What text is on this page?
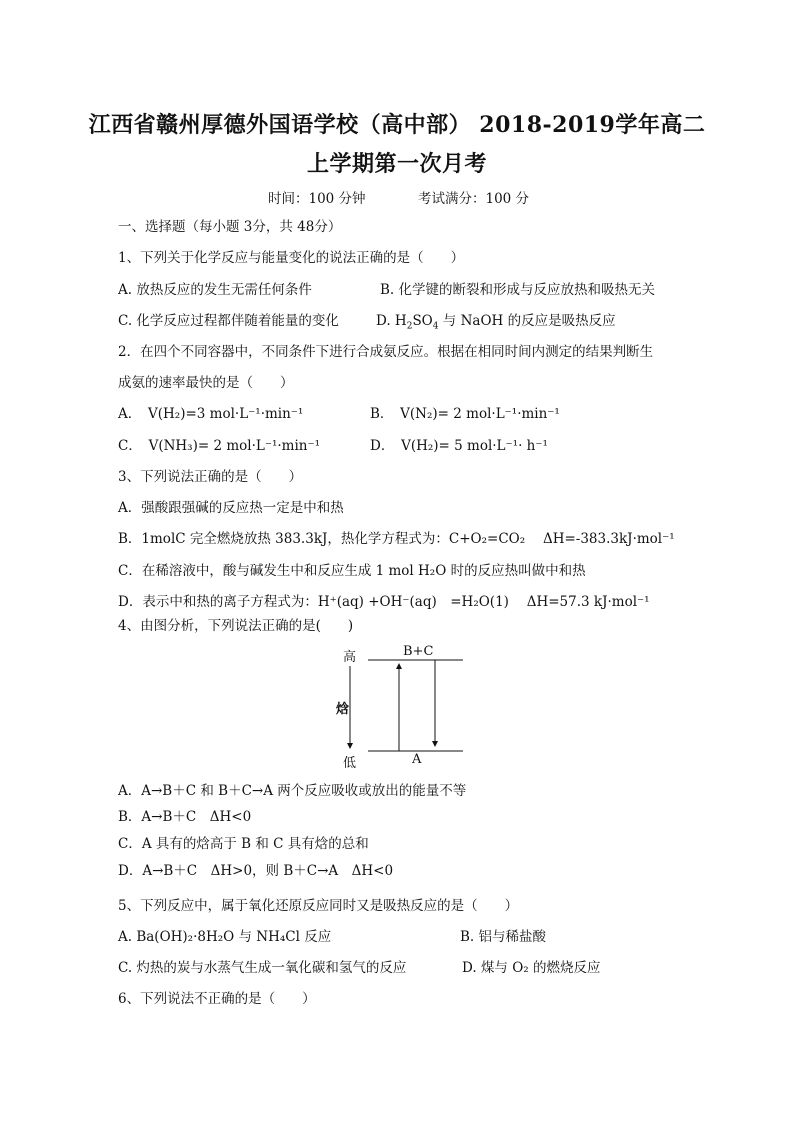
江西省赣州厚德外国语学校（高中部） 2018-2019学年高二
上学期第一次月考
时间：100 分钟	考试满分：100 分
一、选择题（每小题 3分，共 48分）
1、下列关于化学反应与能量变化的说法正确的是（　　）
A. 放热反应的发生无需任何条件	B. 化学键的断裂和形成与反应放热和吸热无关
C. 化学反应过程都伴随着能量的变化	D. $H_2SO_4$ 与 NaOH 的反应是吸热反应
2．在四个不同容器中，不同条件下进行合成氨反应。根据在相同时间内测定的结果判断生
成氨的速率最快的是（　　）
A．　V(H₂)=3 mol·L⁻¹·min⁻¹	B．　V(N₂)= 2 mol·L⁻¹·min⁻¹
C．　V(NH₃)= 2 mol·L⁻¹·min⁻¹	D．　V(H₂)= 5 mol·L⁻¹· h⁻¹
3、下列说法正确的是（　　）
A．强酸跟强碱的反应热一定是中和热
B．1molC 完全燃烧放热 383.3kJ，热化学方程式为：C+O₂=CO₂　 ΔH=-383.3kJ·mol⁻¹
C．在稀溶液中，酸与碱发生中和反应生成 1 mol H₂O 时的反应热叫做中和热
D．表示中和热的离子方程式为：H⁺(aq) +OH⁻(aq)　=H₂O(1)　 ΔH=57.3 kJ·mol⁻¹
4、由图分析，下列说法正确的是(　　)
高
焓
低
B+C
A
A．A→B＋C 和 B＋C→A 两个反应吸收或放出的能量不等
B．A→B＋C　ΔH<0
C．A 具有的焓高于 B 和 C 具有焓的总和
D．A→B＋C　ΔH>0，则 B＋C→A　ΔH<0
5、下列反应中，属于氧化还原反应同时又是吸热反应的是（　　）
A. Ba(OH)₂·8H₂O 与 NH₄Cl 反应	B. 铝与稀盐酸
C. 灼热的炭与水蒸气生成一氧化碳和氢气的反应	D. 煤与 O₂ 的燃烧反应
6、下列说法不正确的是（　　）
